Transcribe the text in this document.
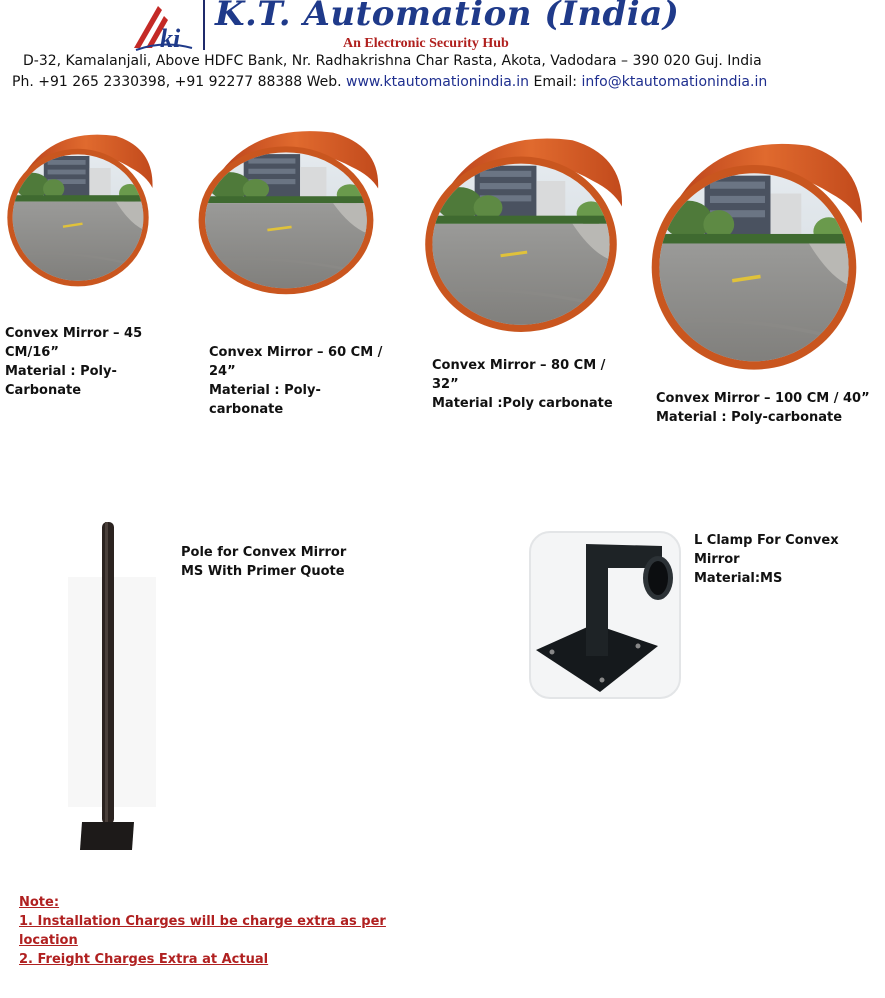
ki
K.T. Automation (India)
An Electronic Security Hub
D-32, Kamalanjali, Above HDFC Bank, Nr. Radhakrishna Char Rasta, Akota, Vadodara – 390 020 Guj. India
Ph. +91 265 2330398, +91 92277 88388 Web. www.ktautomationindia.in Email: info@ktautomationindia.in
Convex Mirror – 45
CM/16”
Material : Poly-
Carbonate
Convex Mirror – 60 CM /
24”
Material : Poly-
carbonate
Convex Mirror – 80 CM /
32”
Material :Poly carbonate	Convex Mirror – 100 CM / 40”
Material : Poly-carbonate
Pole for Convex Mirror
MS With Primer Quote
L Clamp For Convex
Mirror
Material:MS
Note:
1. Installation Charges will be charge extra as per
location
2. Freight Charges Extra at Actual
